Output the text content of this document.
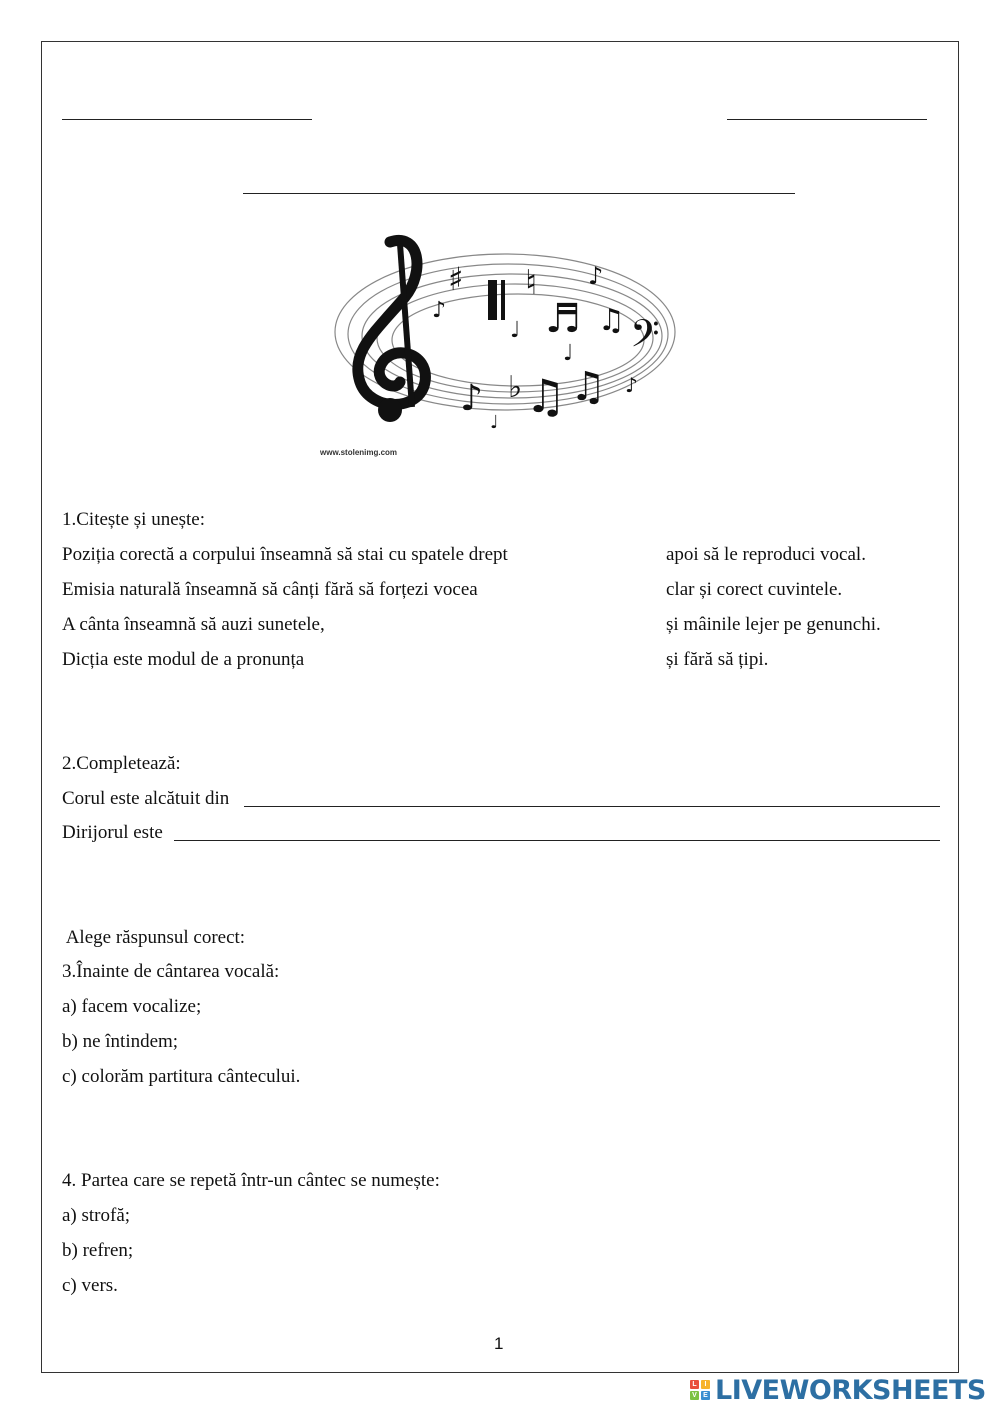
♯ ♮ ♪
♪ ♬ ♫
♩ 𝄢
♪ ♭ ♫ ♫
♩
♪
♩
www.stolenimg.com
1.Citește și unește:
Poziția corectă a corpului înseamnă să stai cu spatele drept
Emisia naturală înseamnă să cânți fără să forțezi vocea
A cânta înseamnă să auzi sunetele,
Dicția este modul de a pronunța
apoi să le reproduci vocal.
clar și corect cuvintele.
și mâinile lejer pe genunchi.
și fără să țipi.
2.Completează:
Corul este alcătuit din
Dirijorul este
Alege răspunsul corect:
3.Înainte de cântarea vocală:
a) facem vocalize;
b) ne întindem;
c) colorăm partitura cântecului.
4. Partea care se repetă într-un cântec se numește:
a) strofă;
b) refren;
c) vers.
1
L	I
V E LIVEWORKSHEETS
